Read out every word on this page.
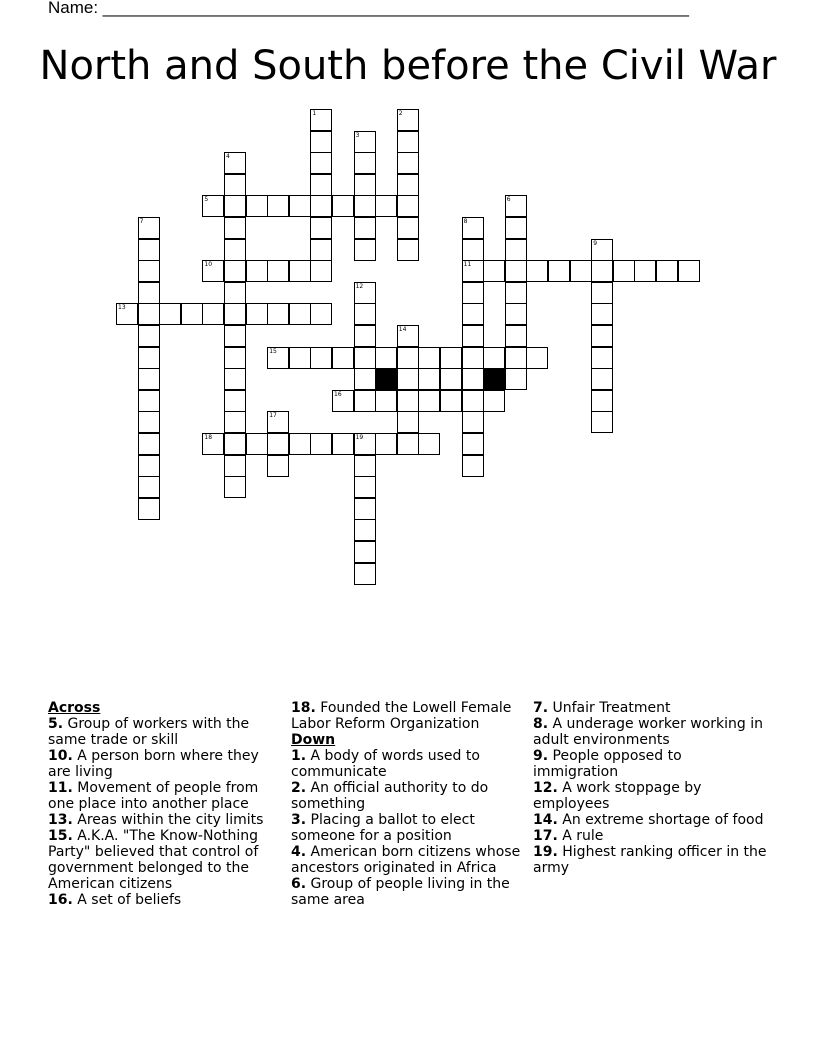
Name: ______________________________________________________________
North and South before the Civil War
5
10	11
13
15
16
18	19
1	2
3
4
6
7	8
9
12
14
17
Across
5. Group of workers with the same trade or skill
10. A person born where they are living
11. Movement of people from one place into another place
13. Areas within the city limits
15. A.K.A. "The Know-Nothing Party" believed that control of government belonged to the American citizens
16. A set of beliefs
18. Founded the Lowell Female Labor Reform Organization
Down
1. A body of words used to communicate
2. An official authority to do something
3. Placing a ballot to elect someone for a position
4. American born citizens whose ancestors originated in Africa
6. Group of people living in the same area
7. Unfair Treatment
8. A underage worker working in adult environments
9. People opposed to immigration
12. A work stoppage by employees
14. An extreme shortage of food
17. A rule
19. Highest ranking officer in the army
